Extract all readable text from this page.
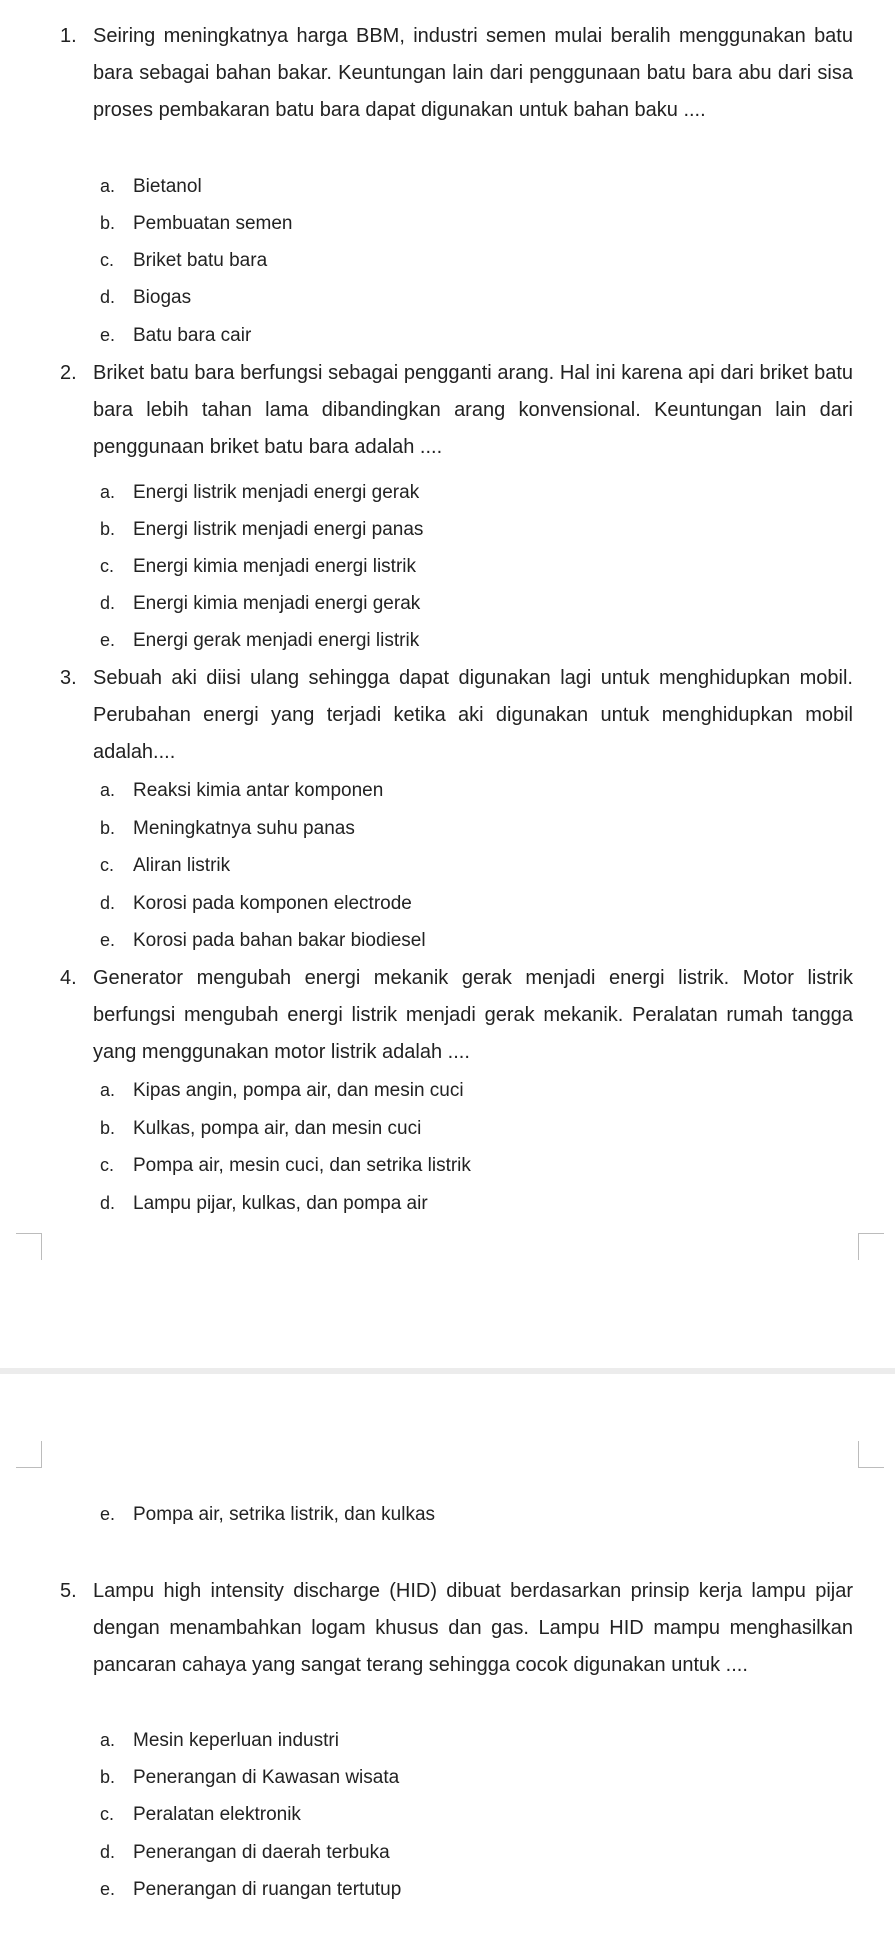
1. Seiring meningkatnya harga BBM, industri semen mulai beralih menggunakan batu bara sebagai bahan bakar. Keuntungan lain dari penggunaan batu bara abu dari sisa proses pembakaran batu bara dapat digunakan untuk bahan baku ....
a. Bietanol
b. Pembuatan semen
c. Briket batu bara
d. Biogas
e. Batu bara cair
2. Briket batu bara berfungsi sebagai pengganti arang. Hal ini karena api dari briket batu bara lebih tahan lama dibandingkan arang konvensional. Keuntungan lain dari penggunaan briket batu bara adalah ....
a. Energi listrik menjadi energi gerak
b. Energi listrik menjadi energi panas
c. Energi kimia menjadi energi listrik
d. Energi kimia menjadi energi gerak
e. Energi gerak menjadi energi listrik
3. Sebuah aki diisi ulang sehingga dapat digunakan lagi untuk menghidupkan mobil. Perubahan energi yang terjadi ketika aki digunakan untuk menghidupkan mobil adalah....
a. Reaksi kimia antar komponen
b. Meningkatnya suhu panas
c. Aliran listrik
d. Korosi pada komponen electrode
e. Korosi pada bahan bakar biodiesel
4. Generator mengubah energi mekanik gerak menjadi energi listrik. Motor listrik berfungsi mengubah energi listrik menjadi gerak mekanik. Peralatan rumah tangga yang menggunakan motor listrik adalah ....
a. Kipas angin, pompa air, dan mesin cuci
b. Kulkas, pompa air, dan mesin cuci
c. Pompa air, mesin cuci, dan setrika listrik
d. Lampu pijar, kulkas, dan pompa air
e. Pompa air, setrika listrik, dan kulkas
5. Lampu high intensity discharge (HID) dibuat berdasarkan prinsip kerja lampu pijar dengan menambahkan logam khusus dan gas. Lampu HID mampu menghasilkan pancaran cahaya yang sangat terang sehingga cocok digunakan untuk ....
a. Mesin keperluan industri
b. Penerangan di Kawasan wisata
c. Peralatan elektronik
d. Penerangan di daerah terbuka
e. Penerangan di ruangan tertutup
